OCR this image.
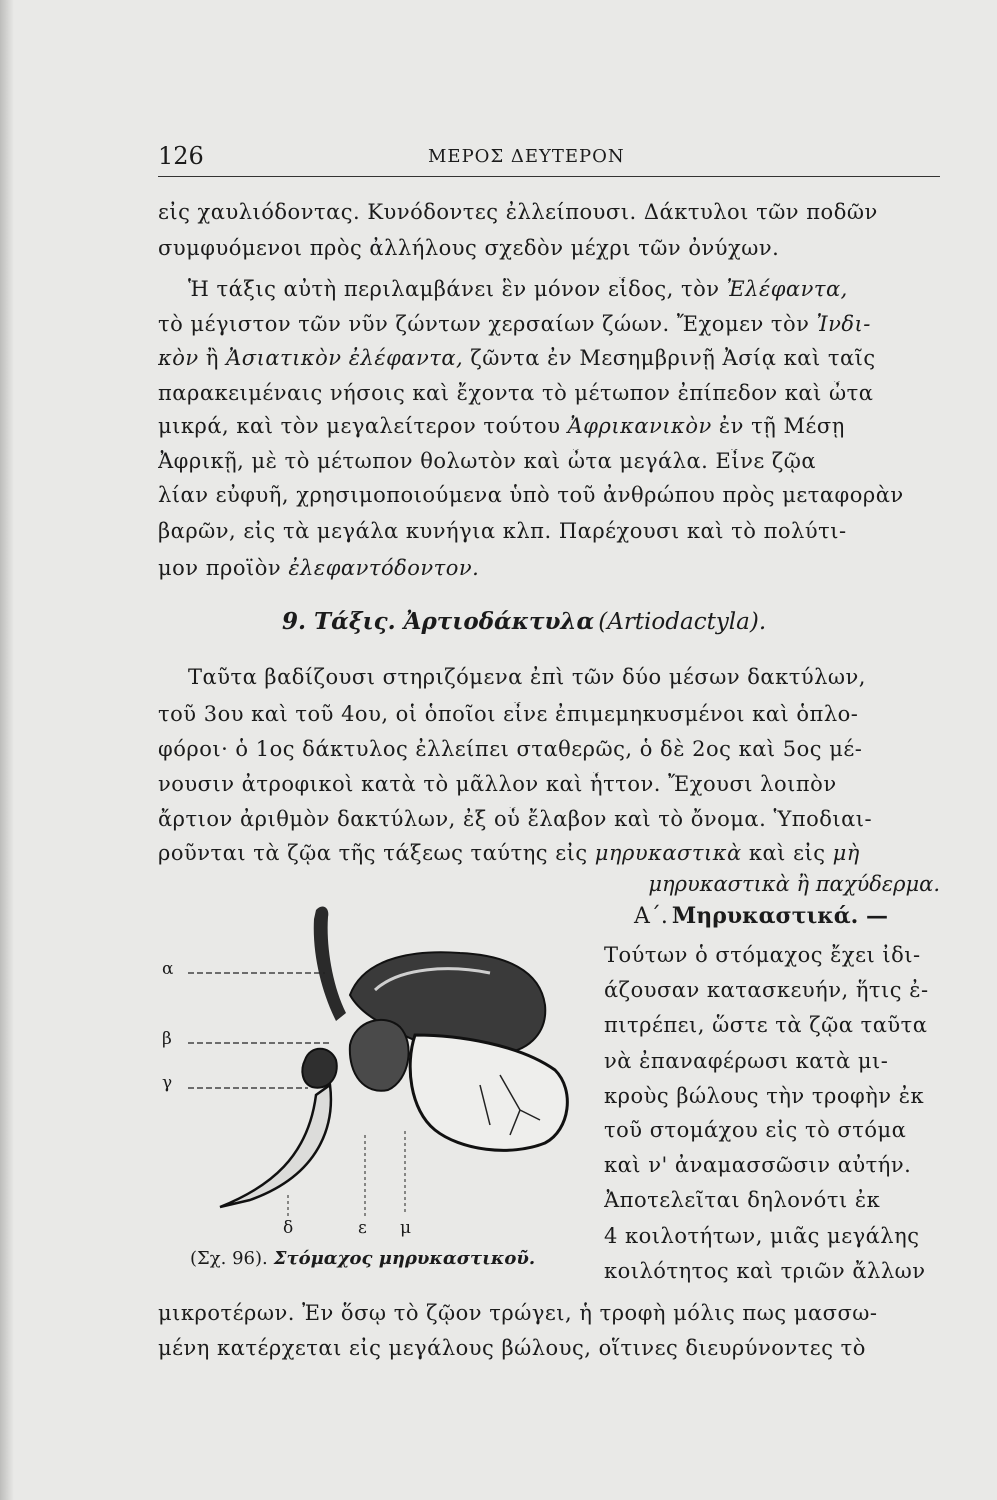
126	ΜΕΡΟΣ ΔΕΥΤΕΡΟΝ
εἰς χαυλιόδοντας. Κυνόδοντες ἐλλείπουσι. Δάκτυλοι τῶν ποδῶν
συμφυόμενοι πρὸς ἀλλήλους σχεδὸν μέχρι τῶν ὀνύχων.
Ἡ τάξις αὐτὴ περιλαμβάνει ἓν μόνον εἶδος, τὸν Ἐλέφαντα,
τὸ μέγιστον τῶν νῦν ζώντων χερσαίων ζώων. Ἔχομεν τὸν Ἰνδι-
κὸν ἢ Ἀσιατικὸν ἐλέφαντα, ζῶντα ἐν Μεσημβρινῇ Ἀσίᾳ καὶ ταῖς
παρακειμέναις νήσοις καὶ ἔχοντα τὸ μέτωπον ἐπίπεδον καὶ ὦτα
μικρά, καὶ τὸν μεγαλείτερον τούτου Ἀφρικανικὸν ἐν τῇ Μέσῃ
Ἀφρικῇ, μὲ τὸ μέτωπον θολωτὸν καὶ ὦτα μεγάλα. Εἶνε ζῷα
λίαν εὐφυῆ, χρησιμοποιούμενα ὑπὸ τοῦ ἀνθρώπου πρὸς μεταφορὰν
βαρῶν, εἰς τὰ μεγάλα κυνήγια κλπ. Παρέχουσι καὶ τὸ πολύτι-
μον προϊὸν ἐλεφαντόδοντον.
9. Τάξις. Ἀρτιοδάκτυλα (Artiodactyla).
Ταῦτα βαδίζουσι στηριζόμενα ἐπὶ τῶν δύο μέσων δακτύλων,
τοῦ 3ου καὶ τοῦ 4ου, οἱ ὁποῖοι εἶνε ἐπιμεμηκυσμένοι καὶ ὁπλο-
φόροι· ὁ 1ος δάκτυλος ἐλλείπει σταθερῶς, ὁ δὲ 2ος καὶ 5ος μέ-
νουσιν ἀτροφικοὶ κατὰ τὸ μᾶλλον καὶ ἧττον. Ἔχουσι λοιπὸν
ἄρτιον ἀριθμὸν δακτύλων, ἐξ οὗ ἔλαβον καὶ τὸ ὄνομα. Ὑποδιαι-
ροῦνται τὰ ζῷα τῆς τάξεως ταύτης εἰς μηρυκαστικὰ καὶ εἰς μὴ
μηρυκαστικὰ ἢ παχύδερμα.
Α΄. Μηρυκαστικά. —
Τούτων ὁ στόμαχος ἔχει ἰδι-
άζουσαν κατασκευήν, ἥτις ἐ-
πιτρέπει, ὥστε τὰ ζῷα ταῦτα
νὰ ἐπαναφέρωσι κατὰ μι-
κροὺς βώλους τὴν τροφὴν ἐκ
τοῦ στομάχου εἰς τὸ στόμα
καὶ ν' ἀναμασσῶσιν αὐτήν.
Ἀποτελεῖται δηλονότι ἐκ
4 κοιλοτήτων, μιᾶς μεγάλης
κοιλότητος καὶ τριῶν ἄλλων
μικροτέρων. Ἐν ὅσῳ τὸ ζῷον τρώγει, ἡ τροφὴ μόλις πως μασσω-
μένη κατέρχεται εἰς μεγάλους βώλους, οἵτινες διευρύνοντες τὸ
α
β
γ
δ	ε μ
(Σχ. 96). Στόμαχος μηρυκαστικοῦ.
